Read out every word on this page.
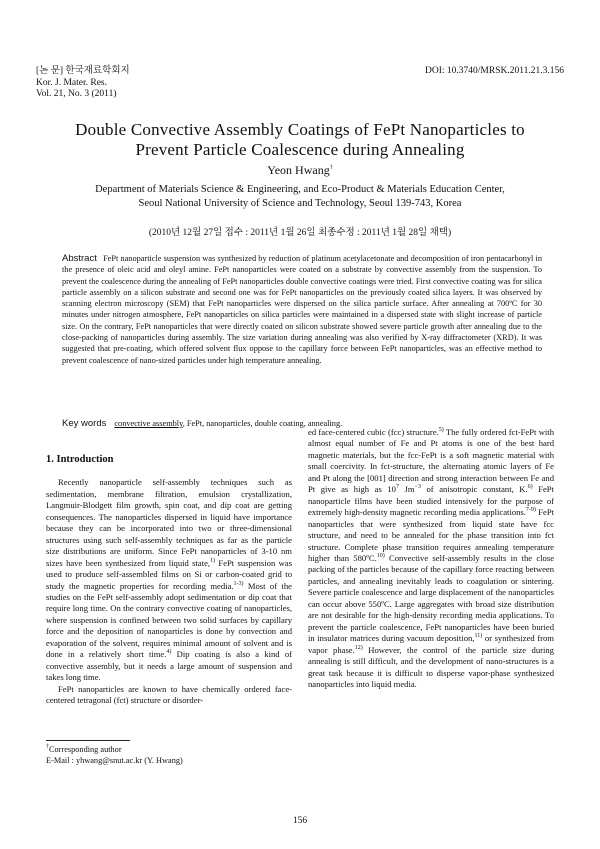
[논 문] 한국재료학회지
Kor. J. Mater. Res.
Vol. 21, No. 3 (2011)
DOI: 10.3740/MRSK.2011.21.3.156
Double Convective Assembly Coatings of FePt Nanoparticles to
Prevent Particle Coalescence during Annealing
Yeon Hwang†
Department of Materials Science & Engineering, and Eco-Product & Materials Education Center,
Seoul National University of Science and Technology, Seoul 139-743, Korea
(2010년 12월 27일 접수 : 2011년 1월 26일 최종수정 : 2011년 1월 28일 채택)
Abstract FePt nanoparticle suspension was synthesized by reduction of platinum acetylacetonate and decomposition of iron pentacarbonyl in the presence of oleic acid and oleyl amine. FePt nanoparticles were coated on a substrate by convective assembly from the suspension. To prevent the coalescence during the annealing of FePt nanoparticles double convective coatings were tried. First convective coating was for silica particle assembly on a silicon substrate and second one was for FePt nanoparticles on the previously coated silica layers. It was observed by scanning electron microscopy (SEM) that FePt nanoparticles were dispersed on the silica particle surface. After annealing at 700ºC for 30 minutes under nitrogen atmosphere, FePt nanoparticles on silica particles were maintained in a dispersed state with slight increase of particle size. On the contrary, FePt nanoparticles that were directly coated on silicon substrate showed severe particle growth after annealing due to the close-packing of nanoparticles during assembly. The size variation during annealing was also verified by X-ray diffractometer (XRD). It was suggested that pre-coating, which offered solvent flux oppose to the capillary force between FePt nanoparticles, was an effective method to prevent coalescence of nano-sized particles under high temperature annealing.
Key words convective assembly, FePt, nanoparticles, double coating, annealing.
1. Introduction

Recently nanoparticle self-assembly techniques such as sedimentation, membrane filtration, emulsion crystallization, Langmuir-Blodgett film growth, spin coat, and dip coat are getting consequences. The nanoparticles dispersed in liquid have importance because they can be incorporated into two or three-dimensional structures using such self-assembly techniques as far as the particle size distributions are uniform. Since FePt nanoparticles of 3-10 nm sizes have been synthesized from liquid state,$^{1)}$ FePt suspension was used to produce self-assembled films on Si or carbon-coated grid to study the magnetic properties for recording media.$^{1-3)}$ Most of the studies on the FePt self-assembly adopt sedimentation or dip coat that require long time. On the contrary convective coating of nanoparticles, where suspension is confined between two solid surfaces by capillary force and the deposition of nanoparticles is done by convection and evaporation of the solvent, requires minimal amount of solvent and is done in a relatively short time.$^{4)}$ Dip coating is also a kind of convective assembly, but it needs a large amount of suspension and takes long time.

FePt nanoparticles are known to have chemically ordered face-centered tetragonal (fct) structure or disorder-

ed face-centered cubic (fcc) structure.$^{5)}$ The fully ordered fct-FePt with almost equal number of Fe and Pt atoms is one of the best hard magnetic materials, but the fcc-FePt is a soft magnetic material with small coercivity. In fct-structure, the alternating atomic layers of Fe and Pt along the [001] direction and strong interaction between Fe and Pt give as high as $10^7$ $Jm^{-3}$ of anisotropic constant, K.$^{6)}$ FePt nanoparticle films have been studied intensively for the purpose of extremely high-density magnetic recording media applications.$^{7-9)}$ FePt nanoparticles that were synthesized from liquid state have fcc structure, and need to be annealed for the phase transition into fct structure. Complete phase transition requires annealing temperature higher than 580ºC.$^{10)}$ Convective self-assembly results in the close packing of the particles because of the capillary force reacting between particles, and annealing inevitably leads to coagulation or sintering. Severe particle coalescence and large displacement of the nanoparticles can occur above 550ºC. Large aggregates with broad size distribution are not desirable for the high-density recording media applications. To prevent the particle coalescence, FePt nanoparticles have been buried in insulator matrices during vacuum deposition,$^{11)}$ or synthesized from vapor phase.$^{12)}$ However, the control of the particle size during annealing is still difficult, and the development of nano-structures is a great task because it is difficult to disperse vapor-phase synthesized nanoparticles into liquid media.

†Corresponding author
E-Mail : yhwang@snut.ac.kr (Y. Hwang)
156
